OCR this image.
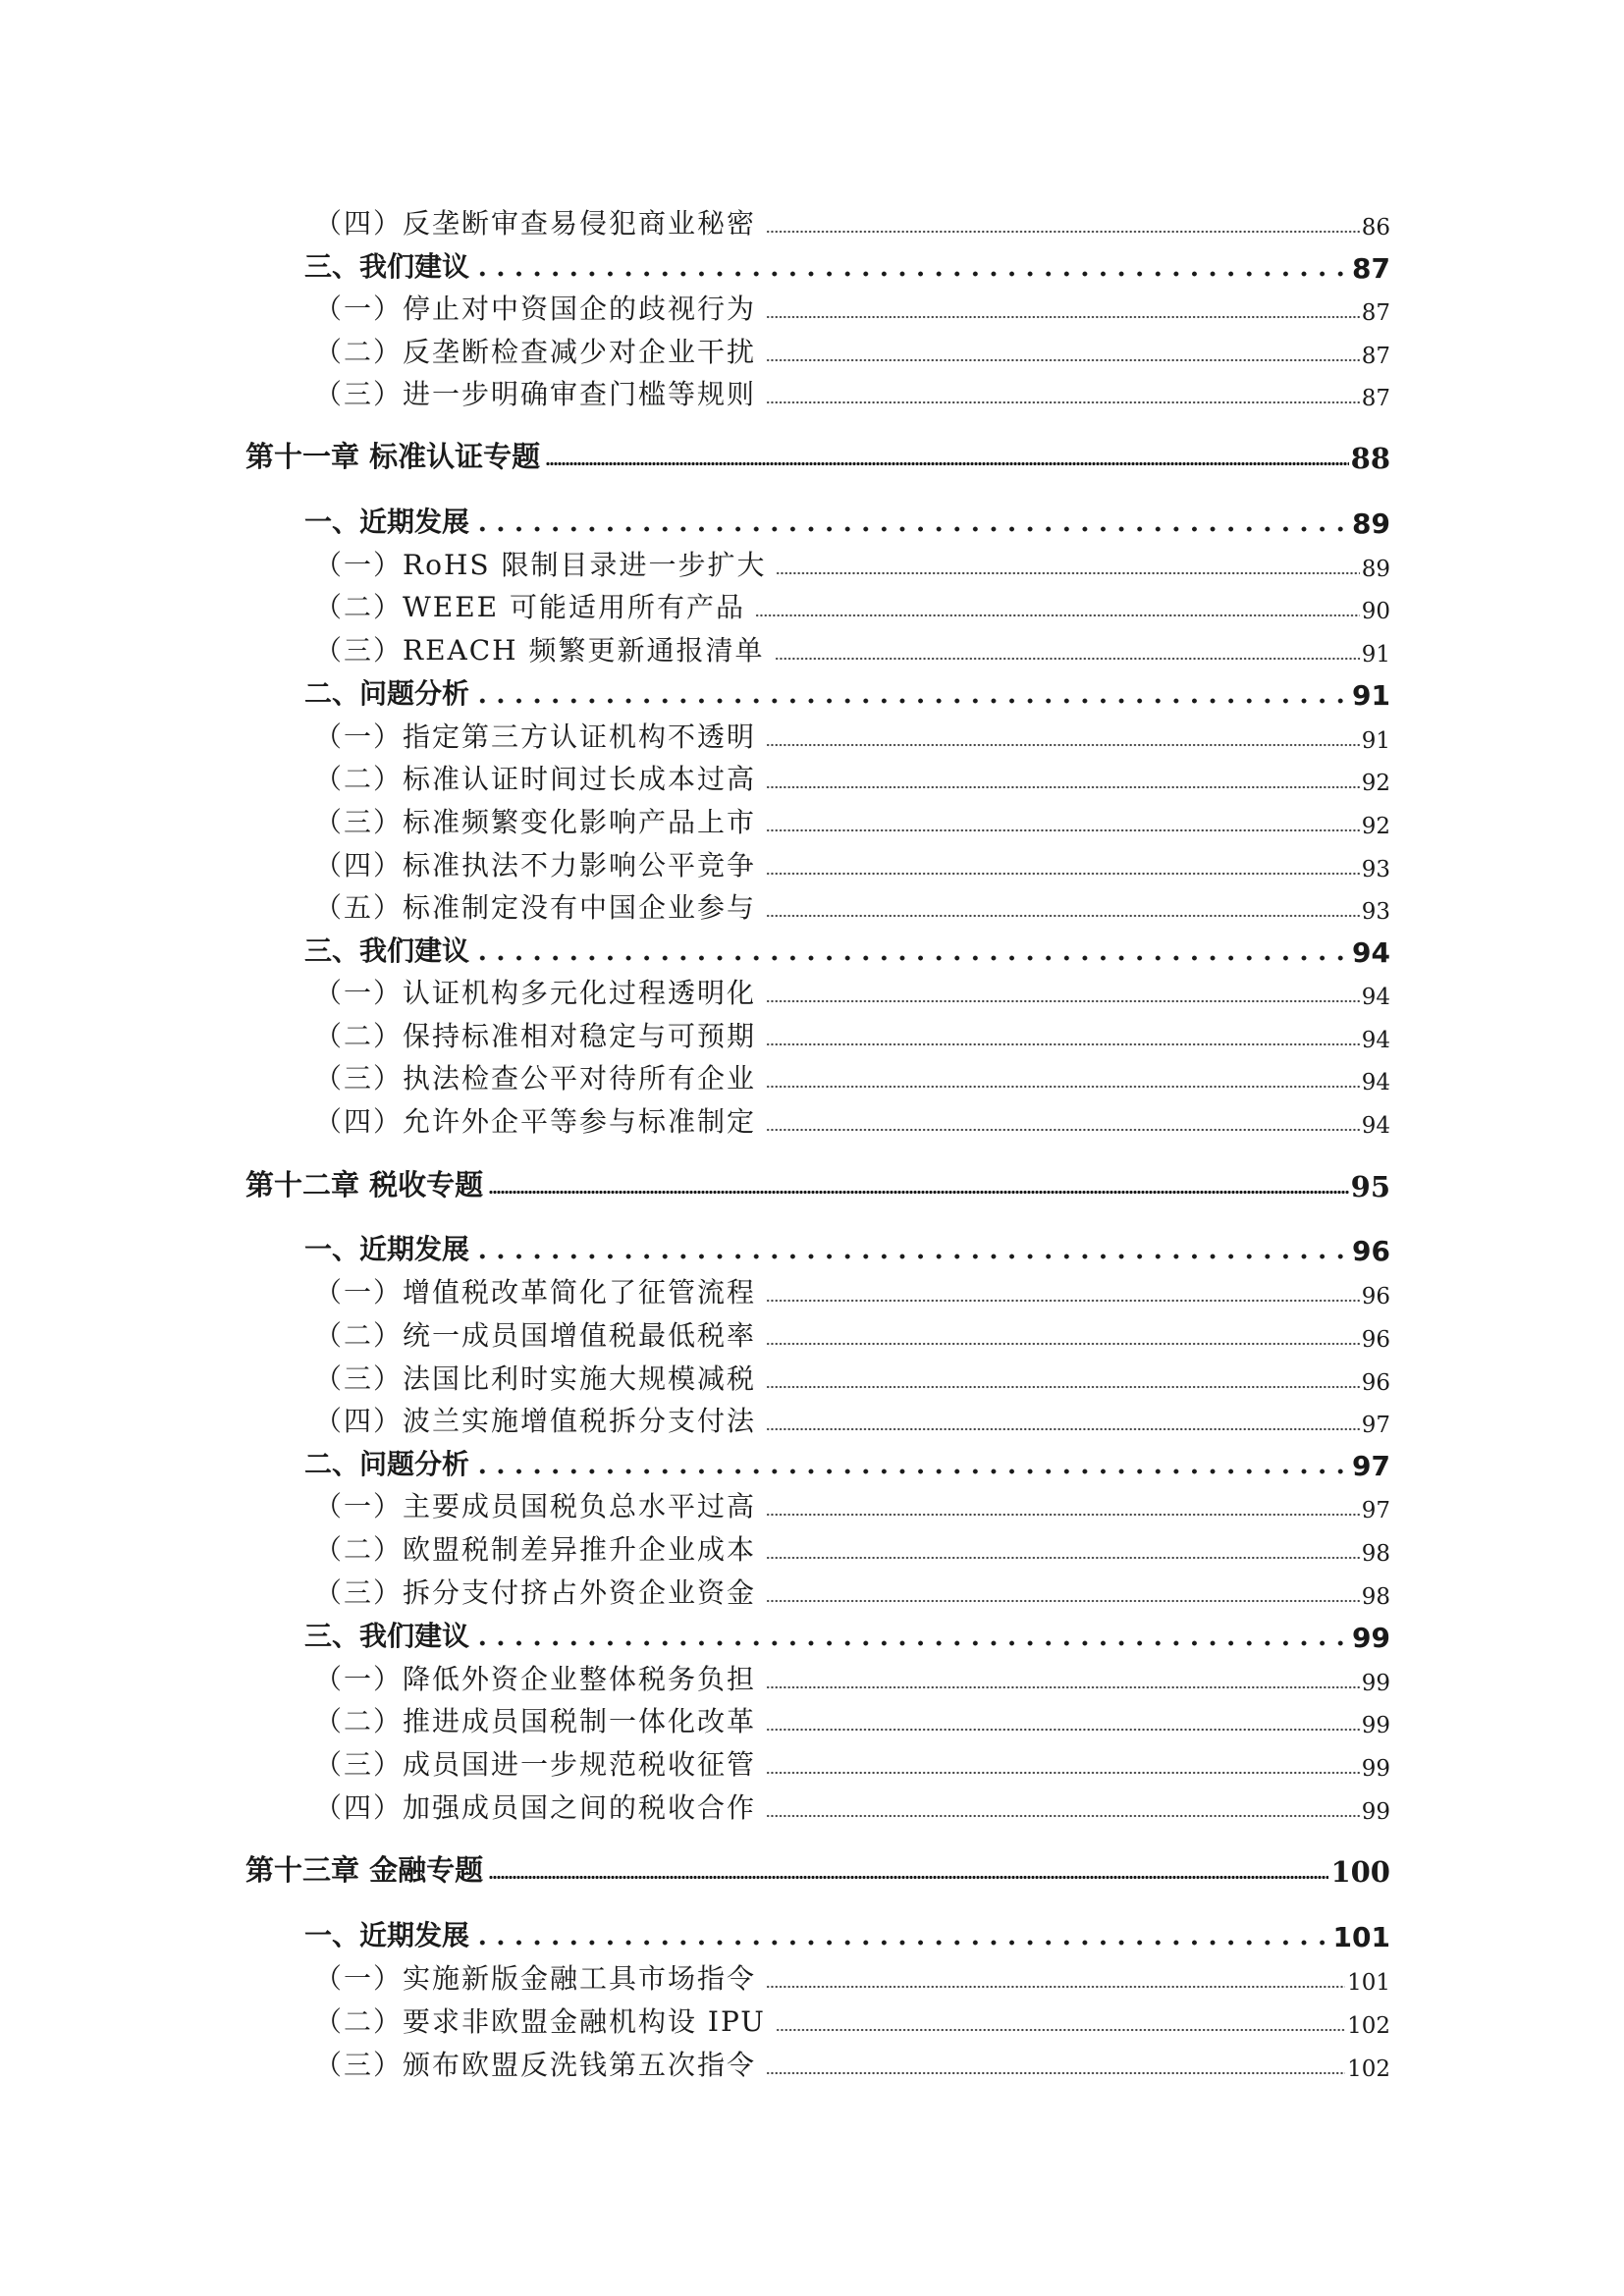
（四）反垄断审查易侵犯商业秘密	86
三、我们建议	87
（一）停止对中资国企的歧视行为	87
（二）反垄断检查减少对企业干扰	87
（三）进一步明确审查门槛等规则	87
第十一章 标准认证专题	88
一、近期发展	89
（一）RoHS 限制目录进一步扩大	89
（二）WEEE 可能适用所有产品	90
（三）REACH 频繁更新通报清单	91
二、问题分析	91
（一）指定第三方认证机构不透明	91
（二）标准认证时间过长成本过高	92
（三）标准频繁变化影响产品上市	92
（四）标准执法不力影响公平竞争	93
（五）标准制定没有中国企业参与	93
三、我们建议	94
（一）认证机构多元化过程透明化	94
（二）保持标准相对稳定与可预期	94
（三）执法检查公平对待所有企业	94
（四）允许外企平等参与标准制定	94
第十二章 税收专题	95
一、近期发展	96
（一）增值税改革简化了征管流程	96
（二）统一成员国增值税最低税率	96
（三）法国比利时实施大规模减税	96
（四）波兰实施增值税拆分支付法	97
二、问题分析	97
（一）主要成员国税负总水平过高	97
（二）欧盟税制差异推升企业成本	98
（三）拆分支付挤占外资企业资金	98
三、我们建议	99
（一）降低外资企业整体税务负担	99
（二）推进成员国税制一体化改革	99
（三）成员国进一步规范税收征管	99
（四）加强成员国之间的税收合作	99
第十三章 金融专题	100
一、近期发展	101
（一）实施新版金融工具市场指令	101
（二）要求非欧盟金融机构设 IPU	102
（三）颁布欧盟反洗钱第五次指令	102
